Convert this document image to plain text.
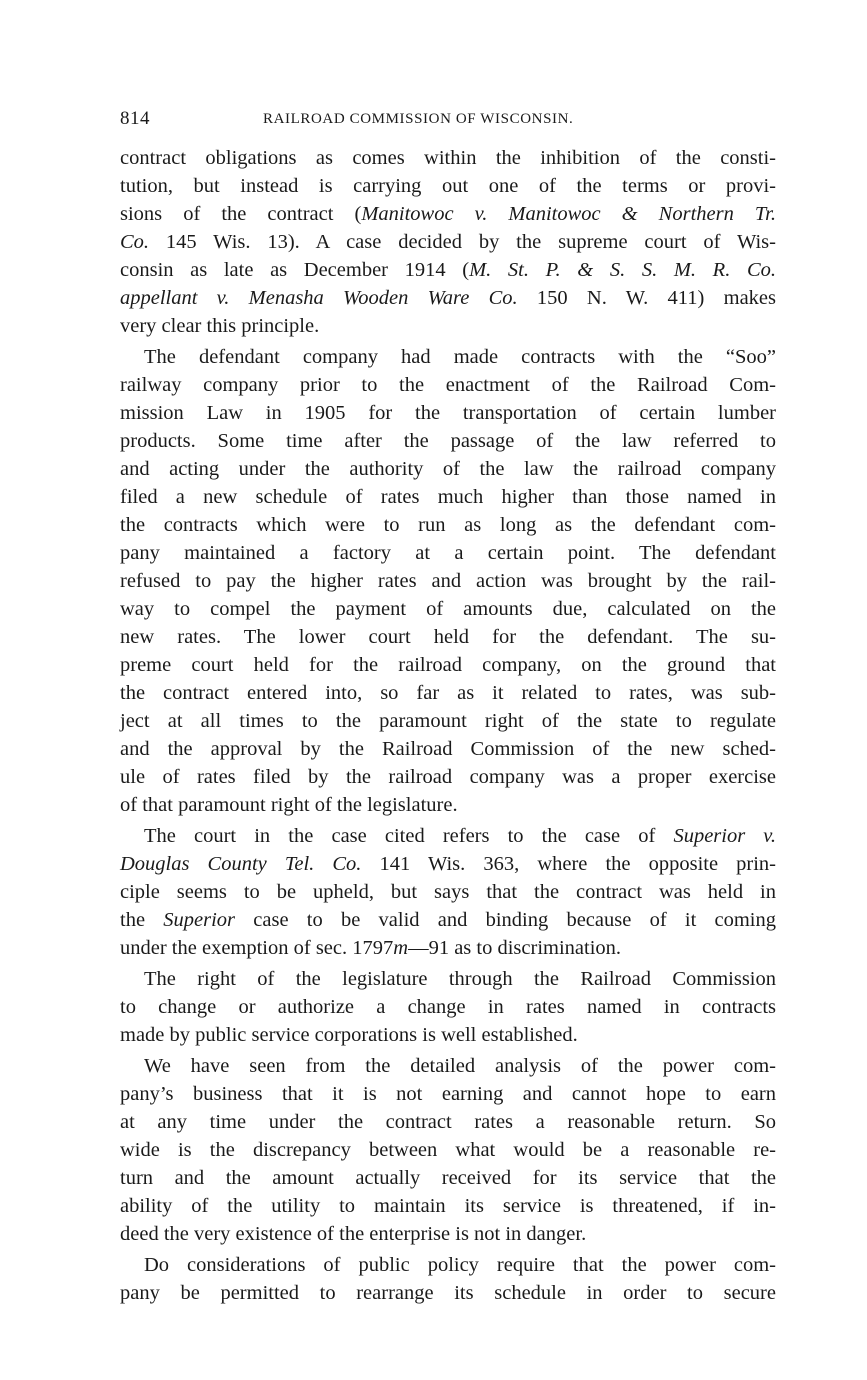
814	RAILROAD COMMISSION OF WISCONSIN.
contract obligations as comes within the inhibition of the consti-
tution, but instead is carrying out one of the terms or provi-
sions of the contract (Manitowoc v. Manitowoc & Northern Tr.
Co. 145 Wis. 13). A case decided by the supreme court of Wis-
consin as late as December 1914 (M. St. P. & S. S. M. R. Co.
appellant v. Menasha Wooden Ware Co. 150 N. W. 411) makes
very clear this principle.
The defendant company had made contracts with the “Soo”
railway company prior to the enactment of the Railroad Com-
mission Law in 1905 for the transportation of certain lumber
products. Some time after the passage of the law referred to
and acting under the authority of the law the railroad company
filed a new schedule of rates much higher than those named in
the contracts which were to run as long as the defendant com-
pany maintained a factory at a certain point. The defendant
refused to pay the higher rates and action was brought by the rail-
way to compel the payment of amounts due, calculated on the
new rates. The lower court held for the defendant. The su-
preme court held for the railroad company, on the ground that
the contract entered into, so far as it related to rates, was sub-
ject at all times to the paramount right of the state to regulate
and the approval by the Railroad Commission of the new sched-
ule of rates filed by the railroad company was a proper exercise
of that paramount right of the legislature.
The court in the case cited refers to the case of Superior v.
Douglas County Tel. Co. 141 Wis. 363, where the opposite prin-
ciple seems to be upheld, but says that the contract was held in
the Superior case to be valid and binding because of it coming
under the exemption of sec. 1797m—91 as to discrimination.
The right of the legislature through the Railroad Commission
to change or authorize a change in rates named in contracts
made by public service corporations is well established.
We have seen from the detailed analysis of the power com-
pany’s business that it is not earning and cannot hope to earn
at any time under the contract rates a reasonable return. So
wide is the discrepancy between what would be a reasonable re-
turn and the amount actually received for its service that the
ability of the utility to maintain its service is threatened, if in-
deed the very existence of the enterprise is not in danger.
Do considerations of public policy require that the power com-
pany be permitted to rearrange its schedule in order to secure
